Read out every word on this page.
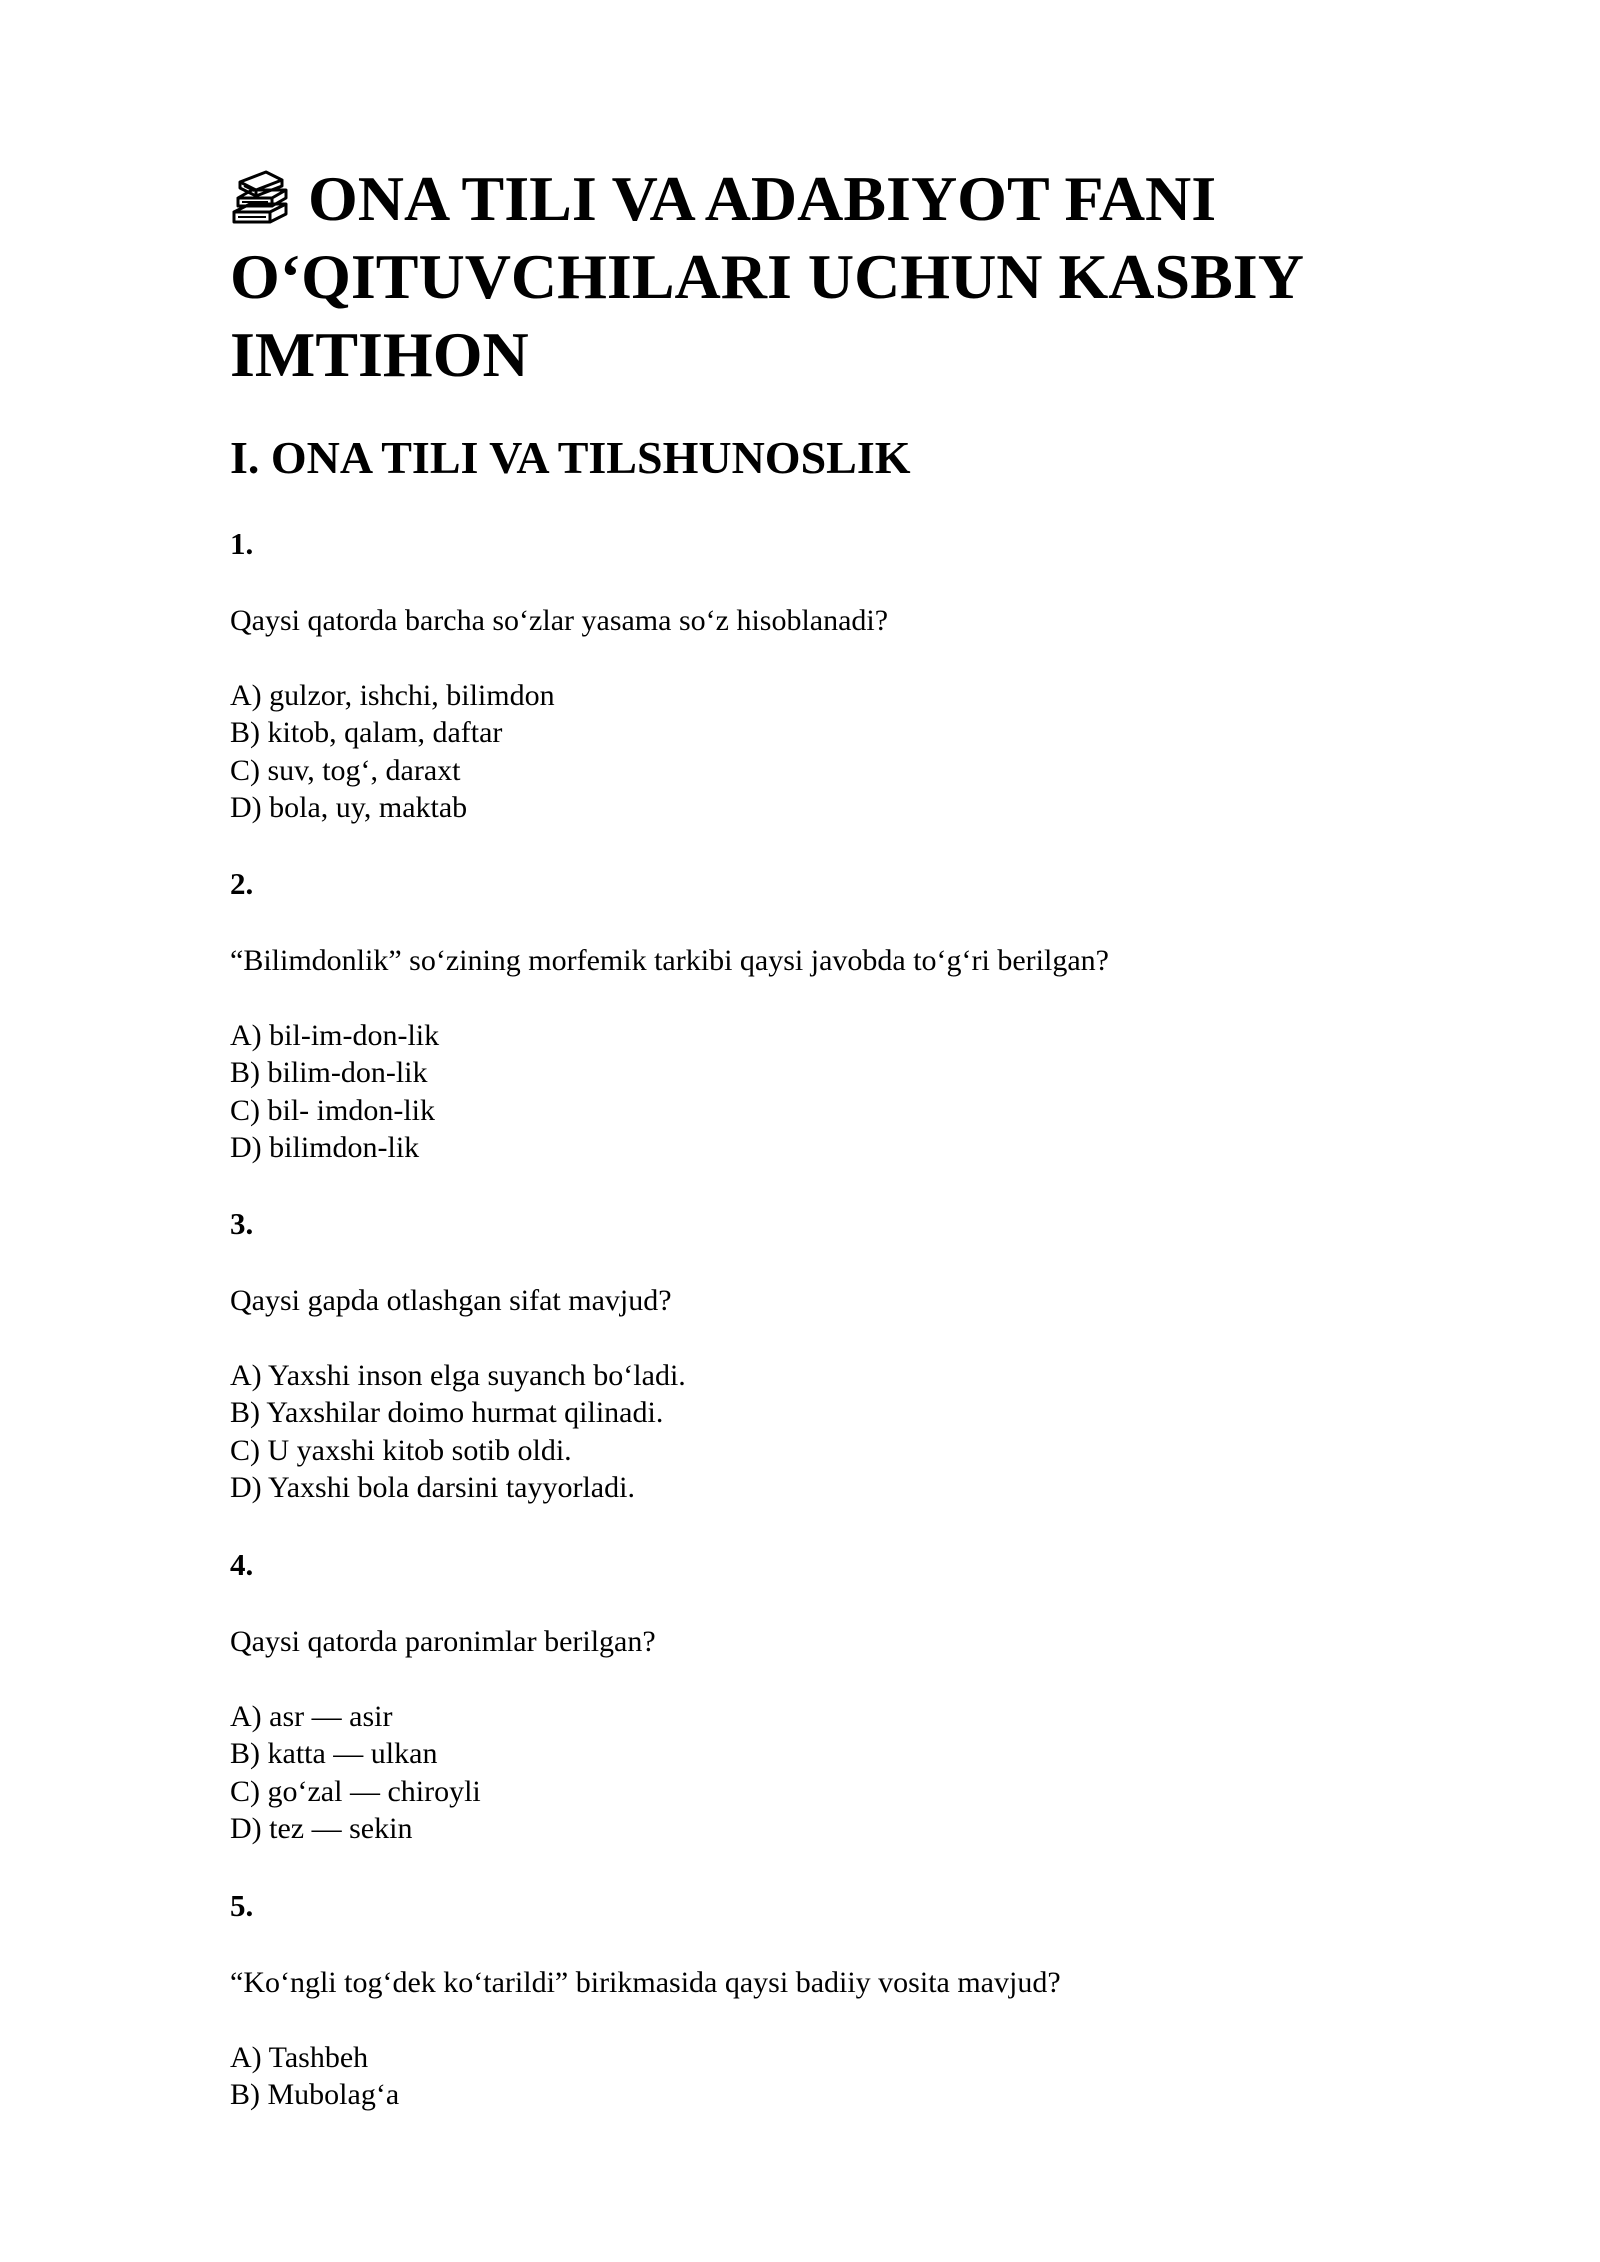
ONA TILI VA ADABIYOT FANI O‘QITUVCHILARI UCHUN KASBIY IMTIHON
I. ONA TILI VA TILSHUNOSLIK

1.

Qaysi qatorda barcha so‘zlar yasama so‘z hisoblanadi?

A) gulzor, ishchi, bilimdon
B) kitob, qalam, daftar
C) suv, tog‘, daraxt
D) bola, uy, maktab

2.

“Bilimdonlik” so‘zining morfemik tarkibi qaysi javobda to‘g‘ri berilgan?

A) bil-im-don-lik
B) bilim-don-lik
C) bil- imdon-lik
D) bilimdon-lik

3.

Qaysi gapda otlashgan sifat mavjud?

A) Yaxshi inson elga suyanch bo‘ladi.
B) Yaxshilar doimo hurmat qilinadi.
C) U yaxshi kitob sotib oldi.
D) Yaxshi bola darsini tayyorladi.

4.

Qaysi qatorda paronimlar berilgan?

A) asr — asir
B) katta — ulkan
C) go‘zal — chiroyli
D) tez — sekin

5.

“Ko‘ngli tog‘dek ko‘tarildi” birikmasida qaysi badiiy vosita mavjud?

A) Tashbeh
B) Mubolag‘a
